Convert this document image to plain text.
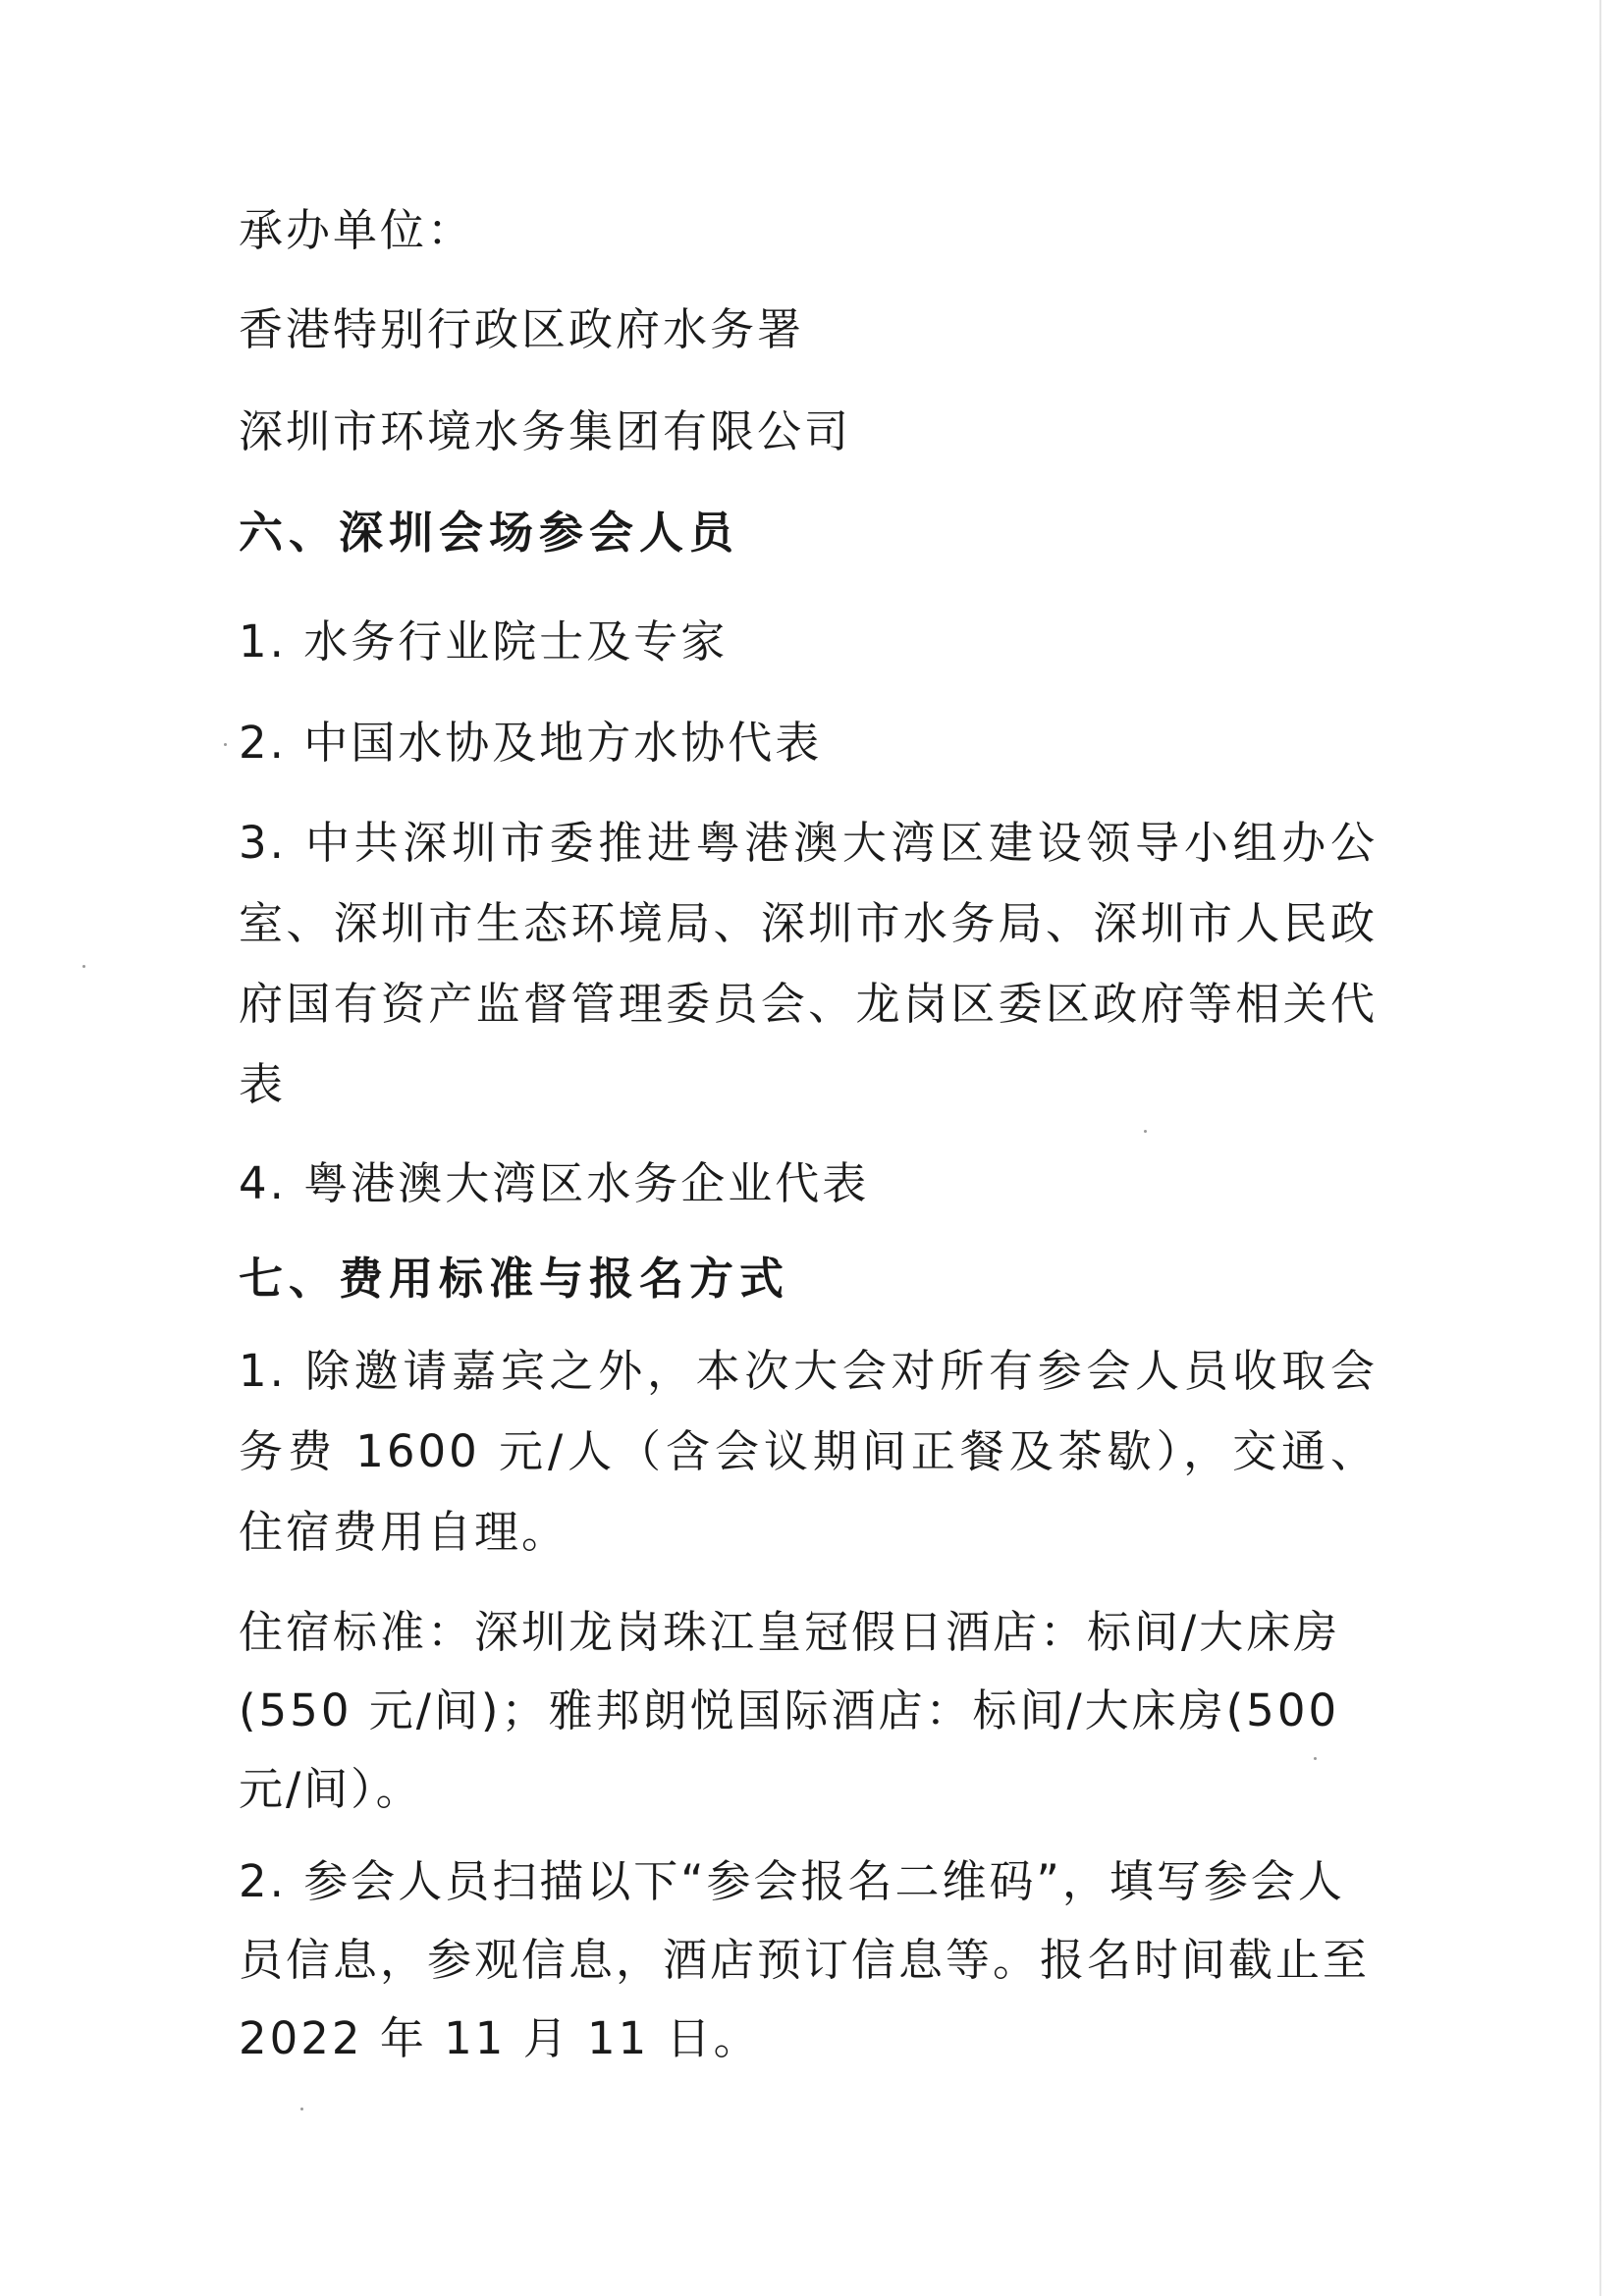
承办单位：

香港特别行政区政府水务署

深圳市环境水务集团有限公司

六、深圳会场参会人员

1. 水务行业院士及专家

2. 中国水协及地方水协代表

3. 中共深圳市委推进粤港澳大湾区建设领导小组办公室、深圳市生态环境局、深圳市水务局、深圳市人民政府国有资产监督管理委员会、龙岗区委区政府等相关代表

4. 粤港澳大湾区水务企业代表

七、费用标准与报名方式

1. 除邀请嘉宾之外，本次大会对所有参会人员收取会务费 1600 元/人（含会议期间正餐及茶歇），交通、住宿费用自理。

住宿标准：深圳龙岗珠江皇冠假日酒店：标间/大床房(550 元/间)；雅邦朗悦国际酒店：标间/大床房(500 元/间）。

2. 参会人员扫描以下“参会报名二维码”，填写参会人员信息，参观信息，酒店预订信息等。报名时间截止至 2022 年 11 月 11 日。
